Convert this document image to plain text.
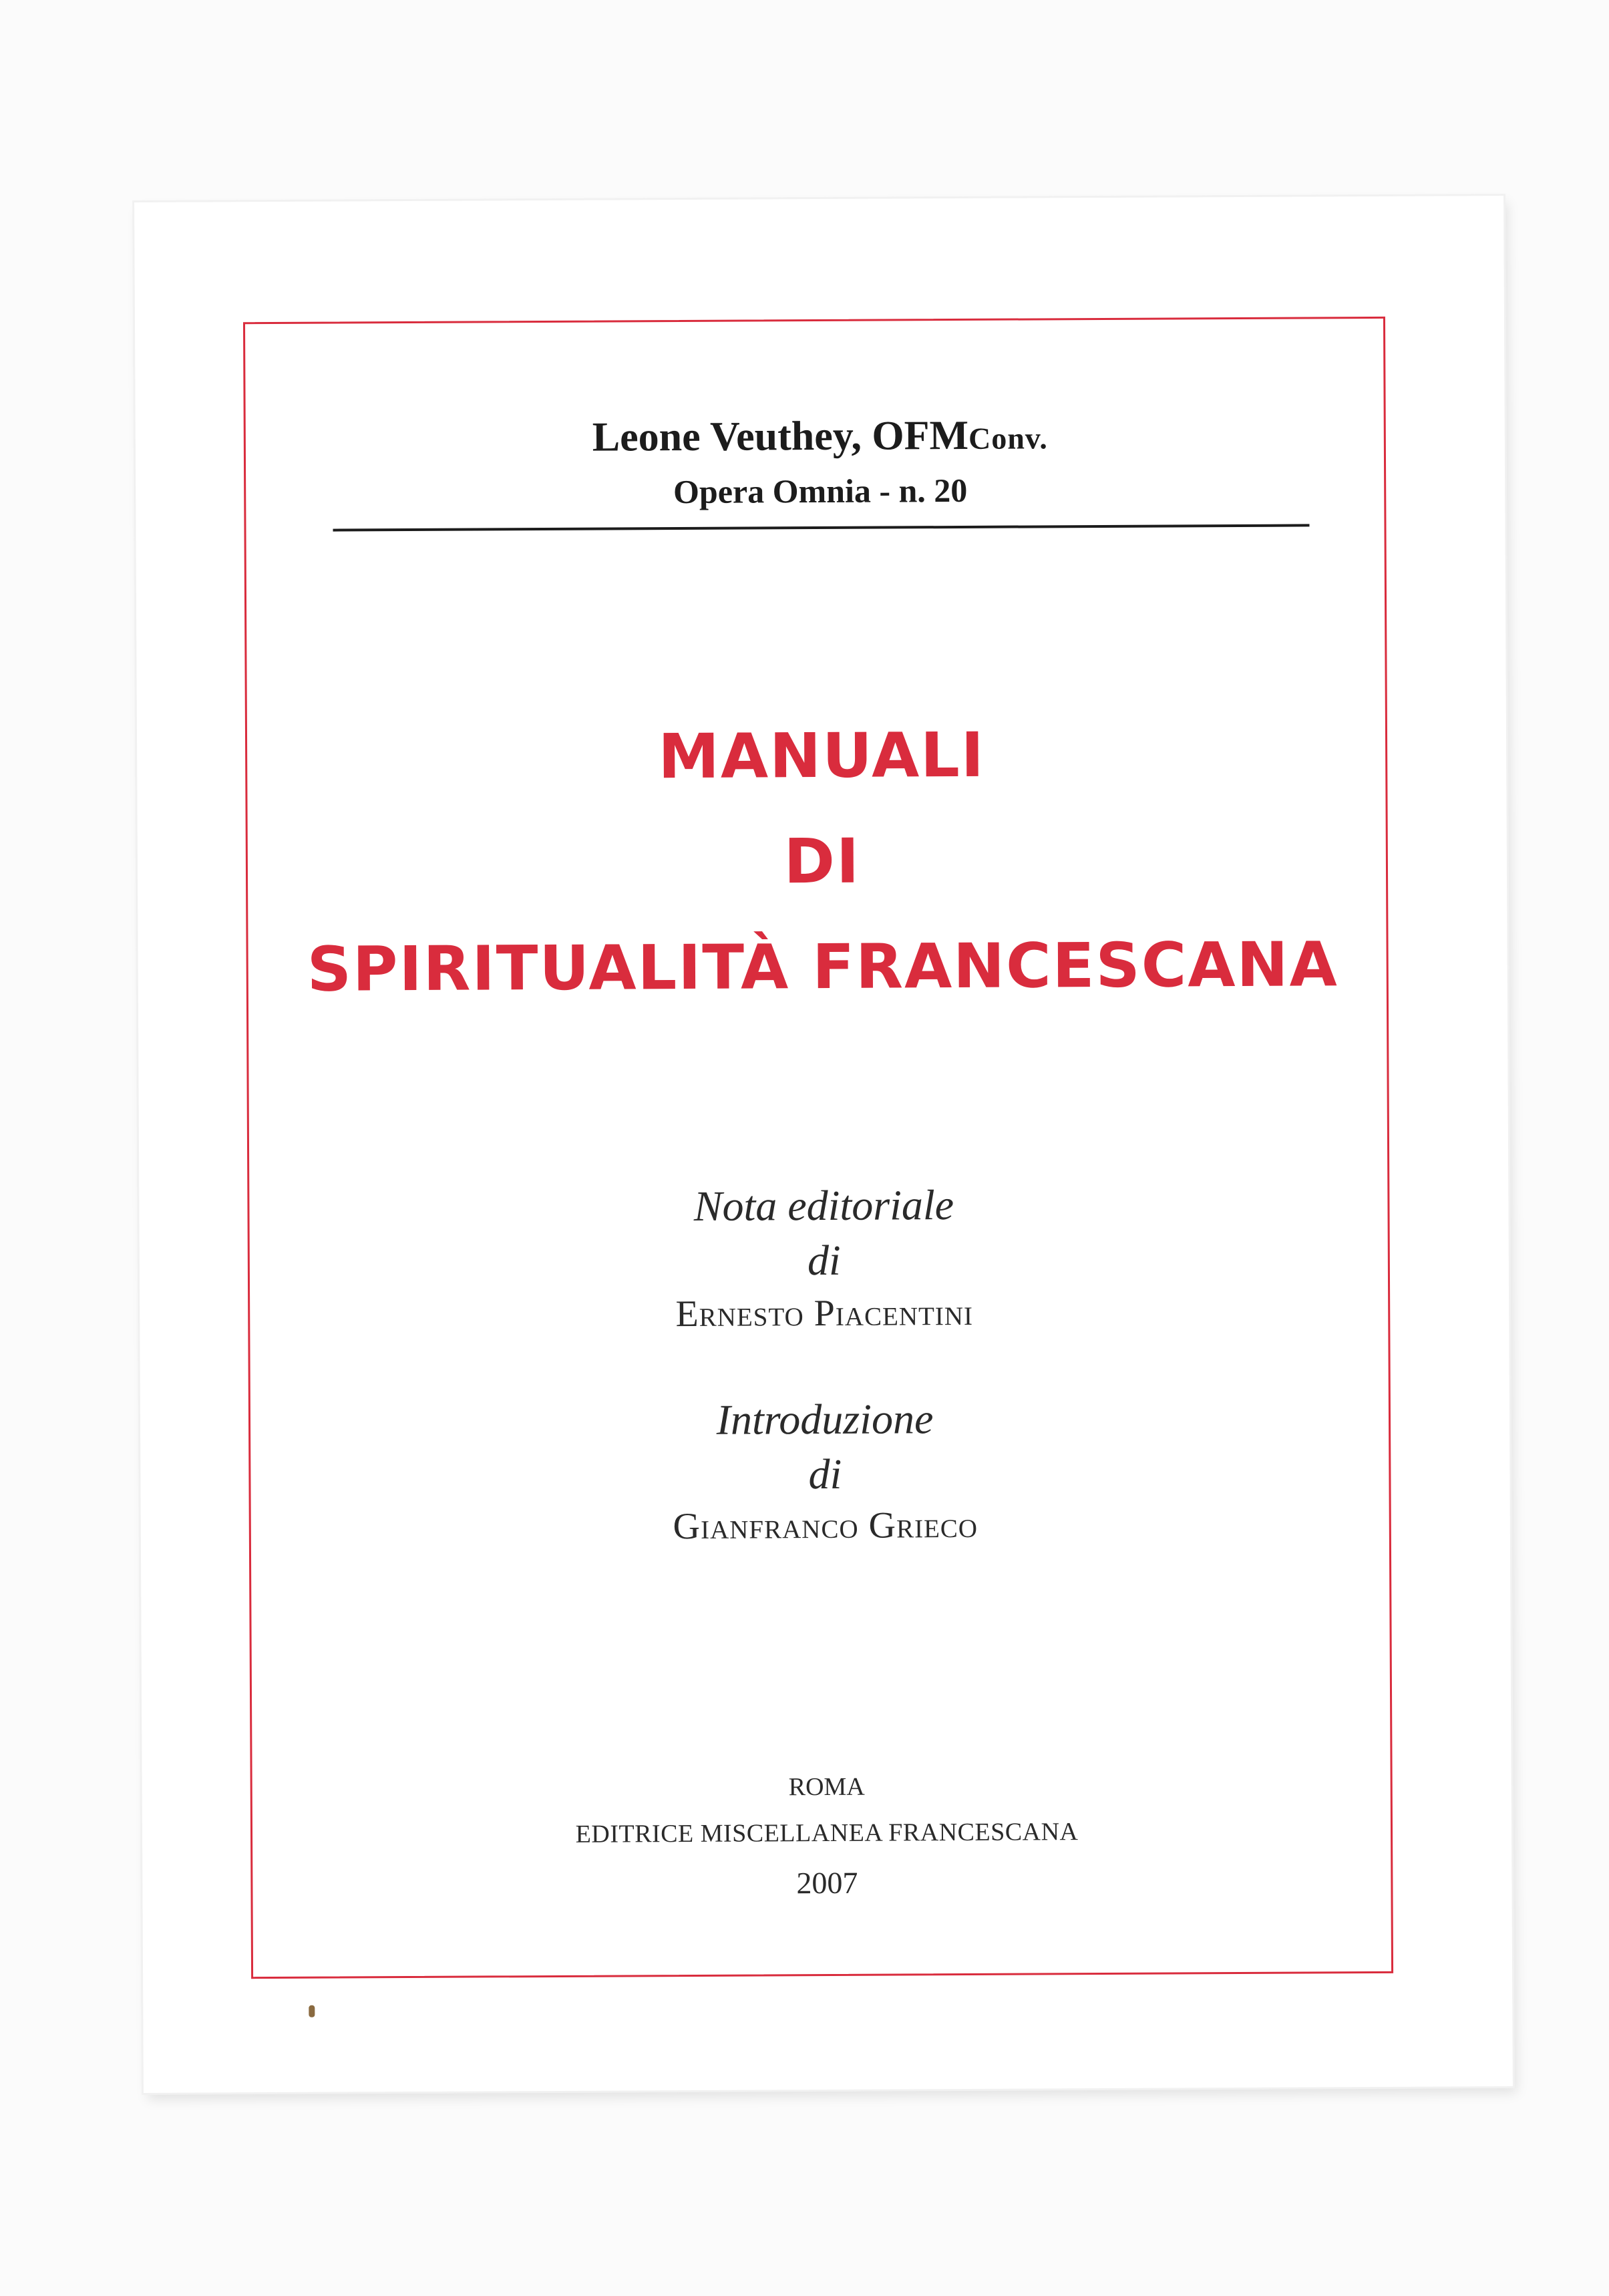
Leone Veuthey, OFMConv.
Opera Omnia - n. 20
MANUALI
DI
SPIRITUALITÀ FRANCESCANA
Nota editoriale
di
Ernesto Piacentini
Introduzione
di
Gianfranco Grieco
ROMA
EDITRICE MISCELLANEA FRANCESCANA
2007
